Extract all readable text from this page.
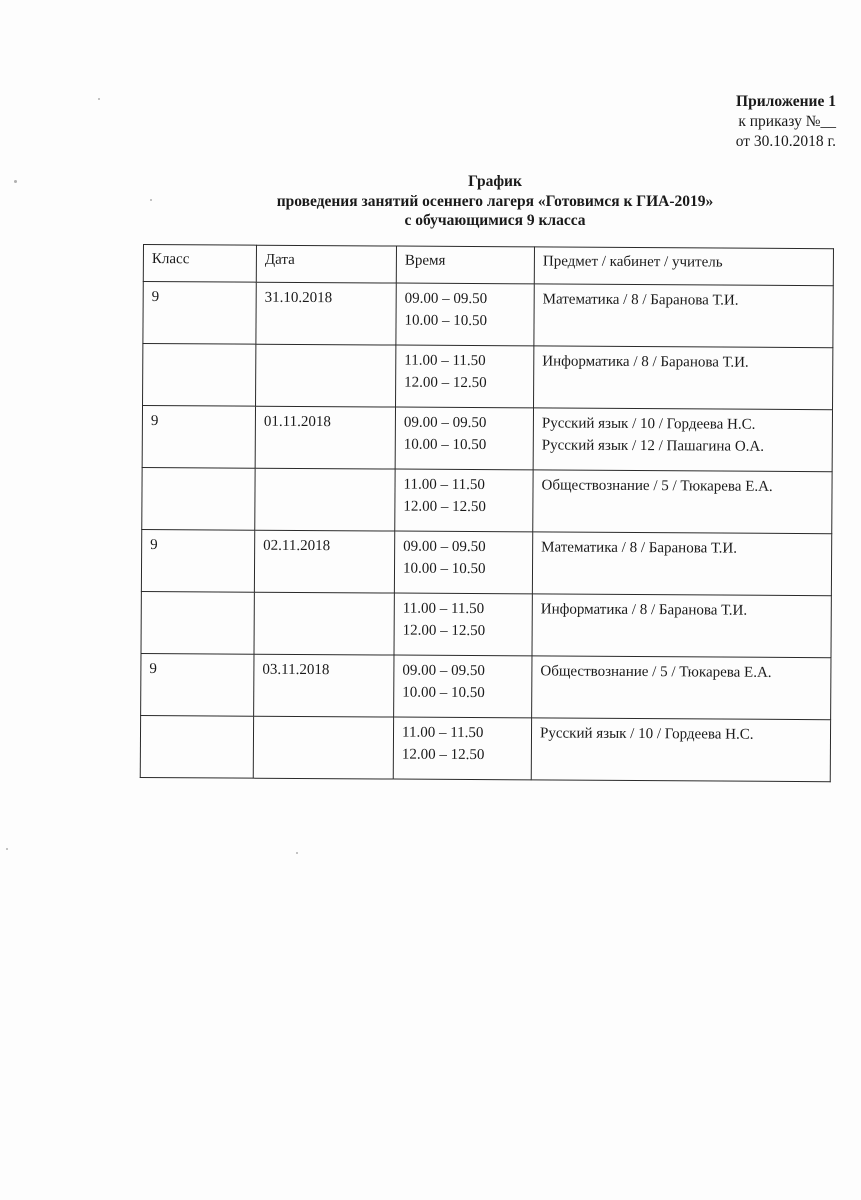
Приложение 1
к приказу №__
от 30.10.2018 г.
График
проведения занятий осеннего лагеря «Готовимся к ГИА-2019»
с обучающимися 9 класса
Класс	Дата	Время	Предмет / кабинет / учитель

9	31.10.2018	09.00 – 09.50
10.00 – 10.50	Математика / 8 / Баранова Т.И.

		11.00 – 11.50
12.00 – 12.50	Информатика / 8 / Баранова Т.И.

9	01.11.2018	09.00 – 09.50
10.00 – 10.50	Русский язык / 10 / Гордеева Н.С.
Русский язык / 12 / Пашагина О.А.

		11.00 – 11.50
12.00 – 12.50	Обществознание / 5 / Тюкарева Е.А.

9	02.11.2018	09.00 – 09.50
10.00 – 10.50	Математика / 8 / Баранова Т.И.

		11.00 – 11.50
12.00 – 12.50	Информатика / 8 / Баранова Т.И.

9	03.11.2018	09.00 – 09.50
10.00 – 10.50	Обществознание / 5 / Тюкарева Е.А.

		11.00 – 11.50
12.00 – 12.50	Русский язык / 10 / Гордеева Н.С.
